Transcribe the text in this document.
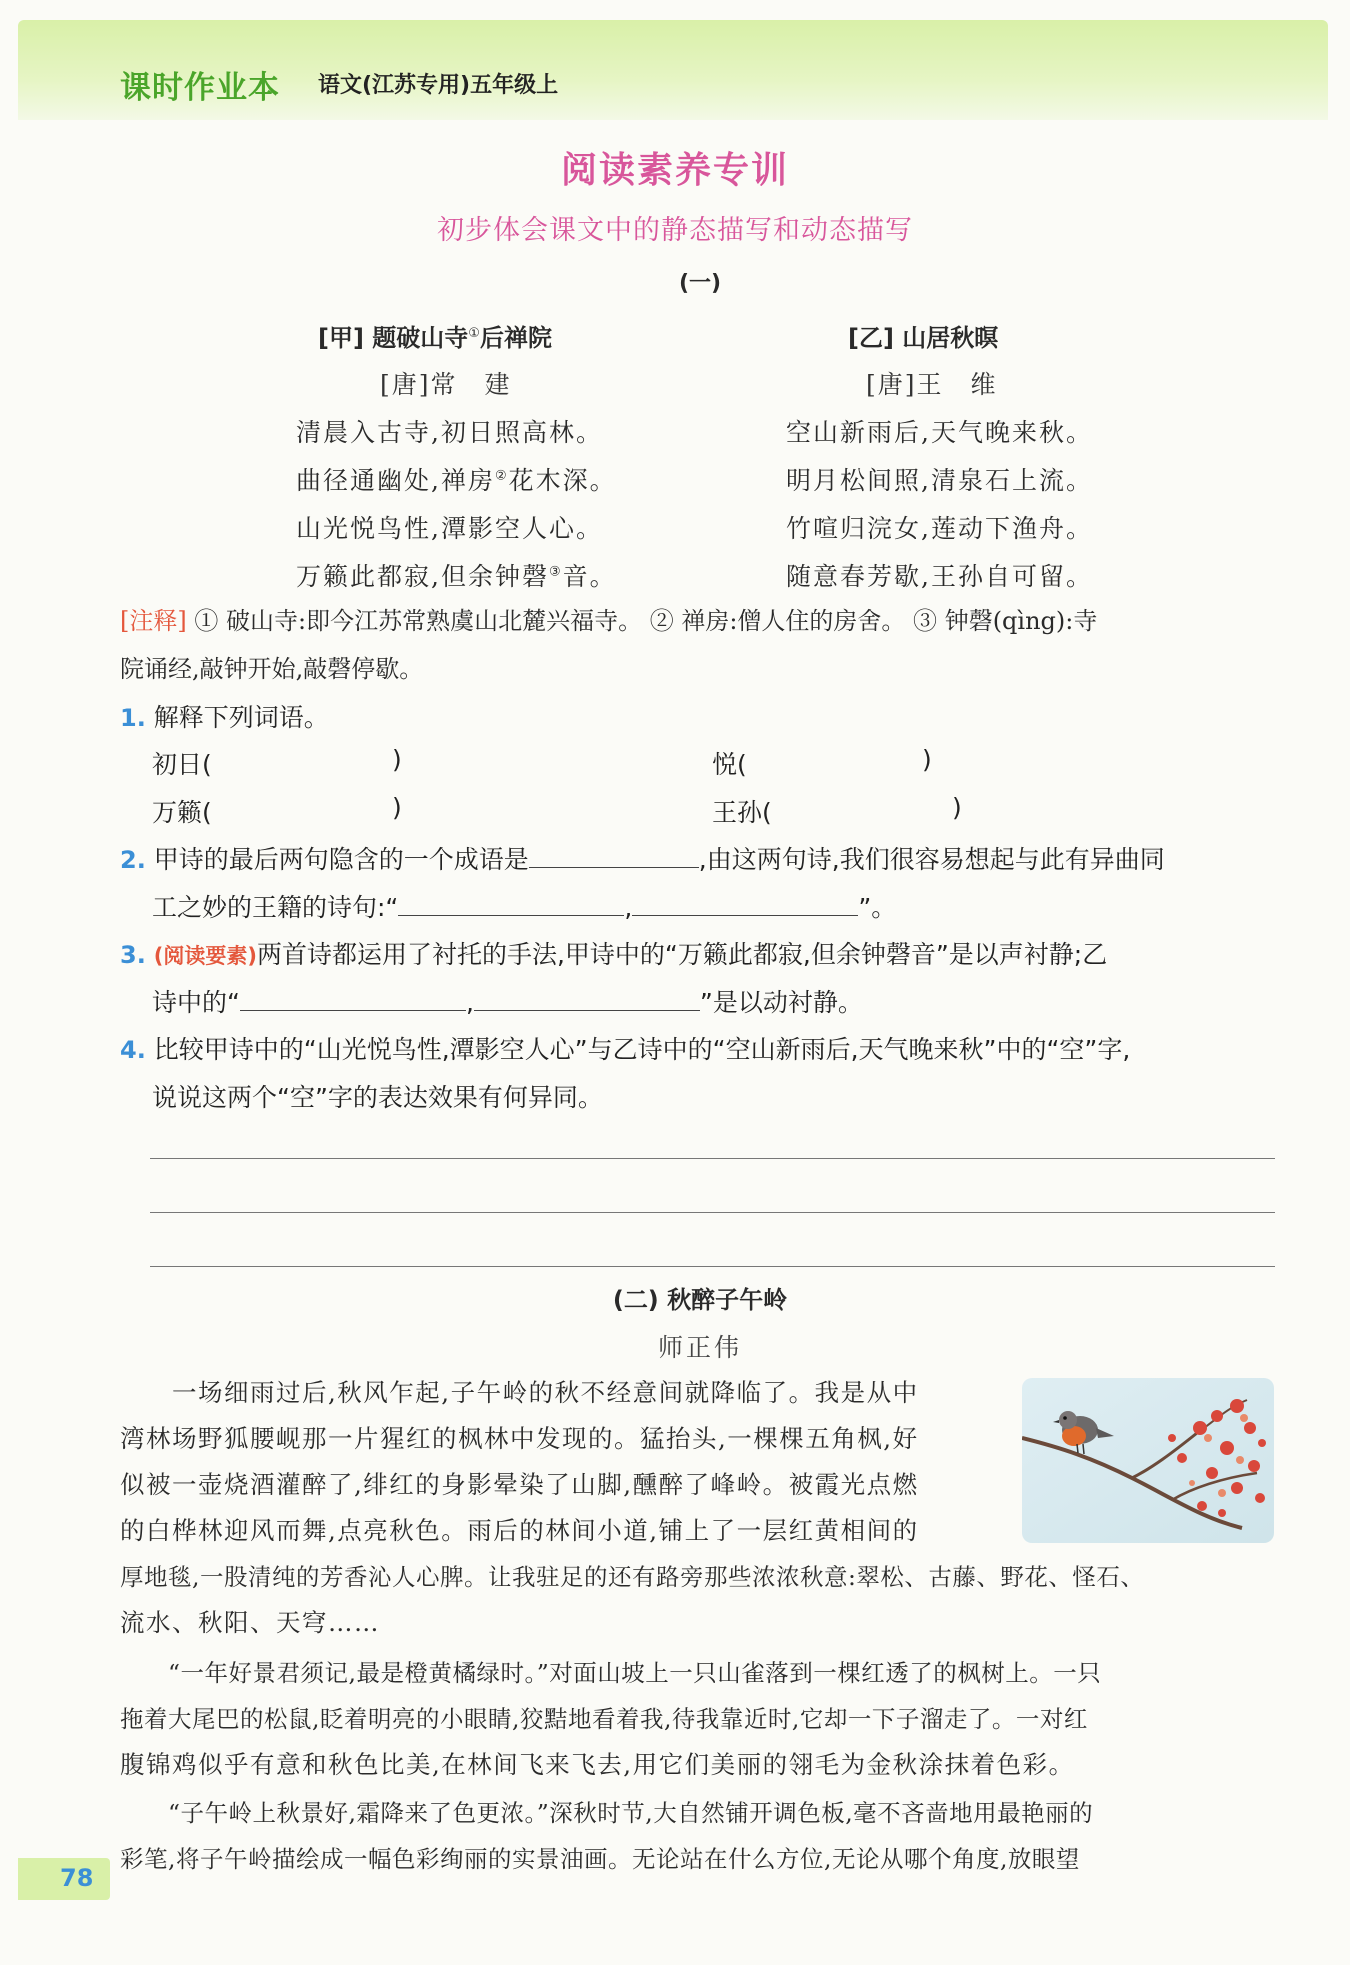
课时作业本 语文(江苏专用)五年级上
阅读素养专训
初步体会课文中的静态描写和动态描写
(一)
[甲] 题破山寺①后禅院
[唐]常　建
清晨入古寺,初日照高林。
曲径通幽处,禅房②花木深。
山光悦鸟性,潭影空人心。
万籁此都寂,但余钟磬③音。
[乙] 山居秋暝
[唐]王　维
空山新雨后,天气晚来秋。
明月松间照,清泉石上流。
竹喧归浣女,莲动下渔舟。
随意春芳歇,王孙自可留。
[注释] ① 破山寺:即今江苏常熟虞山北麓兴福寺。 ② 禅房:僧人住的房舍。 ③ 钟磬(qìng):寺
院诵经,敲钟开始,敲磬停歇。
1. 解释下列词语。
初日(	)	悦(	)
万籁(	)	王孙(	)
2. 甲诗的最后两句隐含的一个成语是	,由这两句诗,我们很容易想起与此有异曲同
工之妙的王籍的诗句:“	,	”。
3. (阅读要素)两首诗都运用了衬托的手法,甲诗中的“万籁此都寂,但余钟磬音”是以声衬静;乙
诗中的“	,	”是以动衬静。
4. 比较甲诗中的“山光悦鸟性,潭影空人心”与乙诗中的“空山新雨后,天气晚来秋”中的“空”字,
说说这两个“空”字的表达效果有何异同。
(二) 秋醉子午岭
师正伟
　　一场细雨过后,秋风乍起,子午岭的秋不经意间就降临了。我是从中
湾林场野狐腰岘那一片猩红的枫林中发现的。猛抬头,一棵棵五角枫,好
似被一壶烧酒灌醉了,绯红的身影晕染了山脚,醺醉了峰岭。被霞光点燃
的白桦林迎风而舞,点亮秋色。雨后的林间小道,铺上了一层红黄相间的
厚地毯,一股清纯的芳香沁人心脾。让我驻足的还有路旁那些浓浓秋意:翠松、古藤、野花、怪石、
流水、秋阳、天穹……
　　“一年好景君须记,最是橙黄橘绿时。”对面山坡上一只山雀落到一棵红透了的枫树上。一只
拖着大尾巴的松鼠,眨着明亮的小眼睛,狡黠地看着我,待我靠近时,它却一下子溜走了。一对红
腹锦鸡似乎有意和秋色比美,在林间飞来飞去,用它们美丽的翎毛为金秋涂抹着色彩。
　　“子午岭上秋景好,霜降来了色更浓。”深秋时节,大自然铺开调色板,毫不吝啬地用最艳丽的
彩笔,将子午岭描绘成一幅色彩绚丽的实景油画。无论站在什么方位,无论从哪个角度,放眼望
78
